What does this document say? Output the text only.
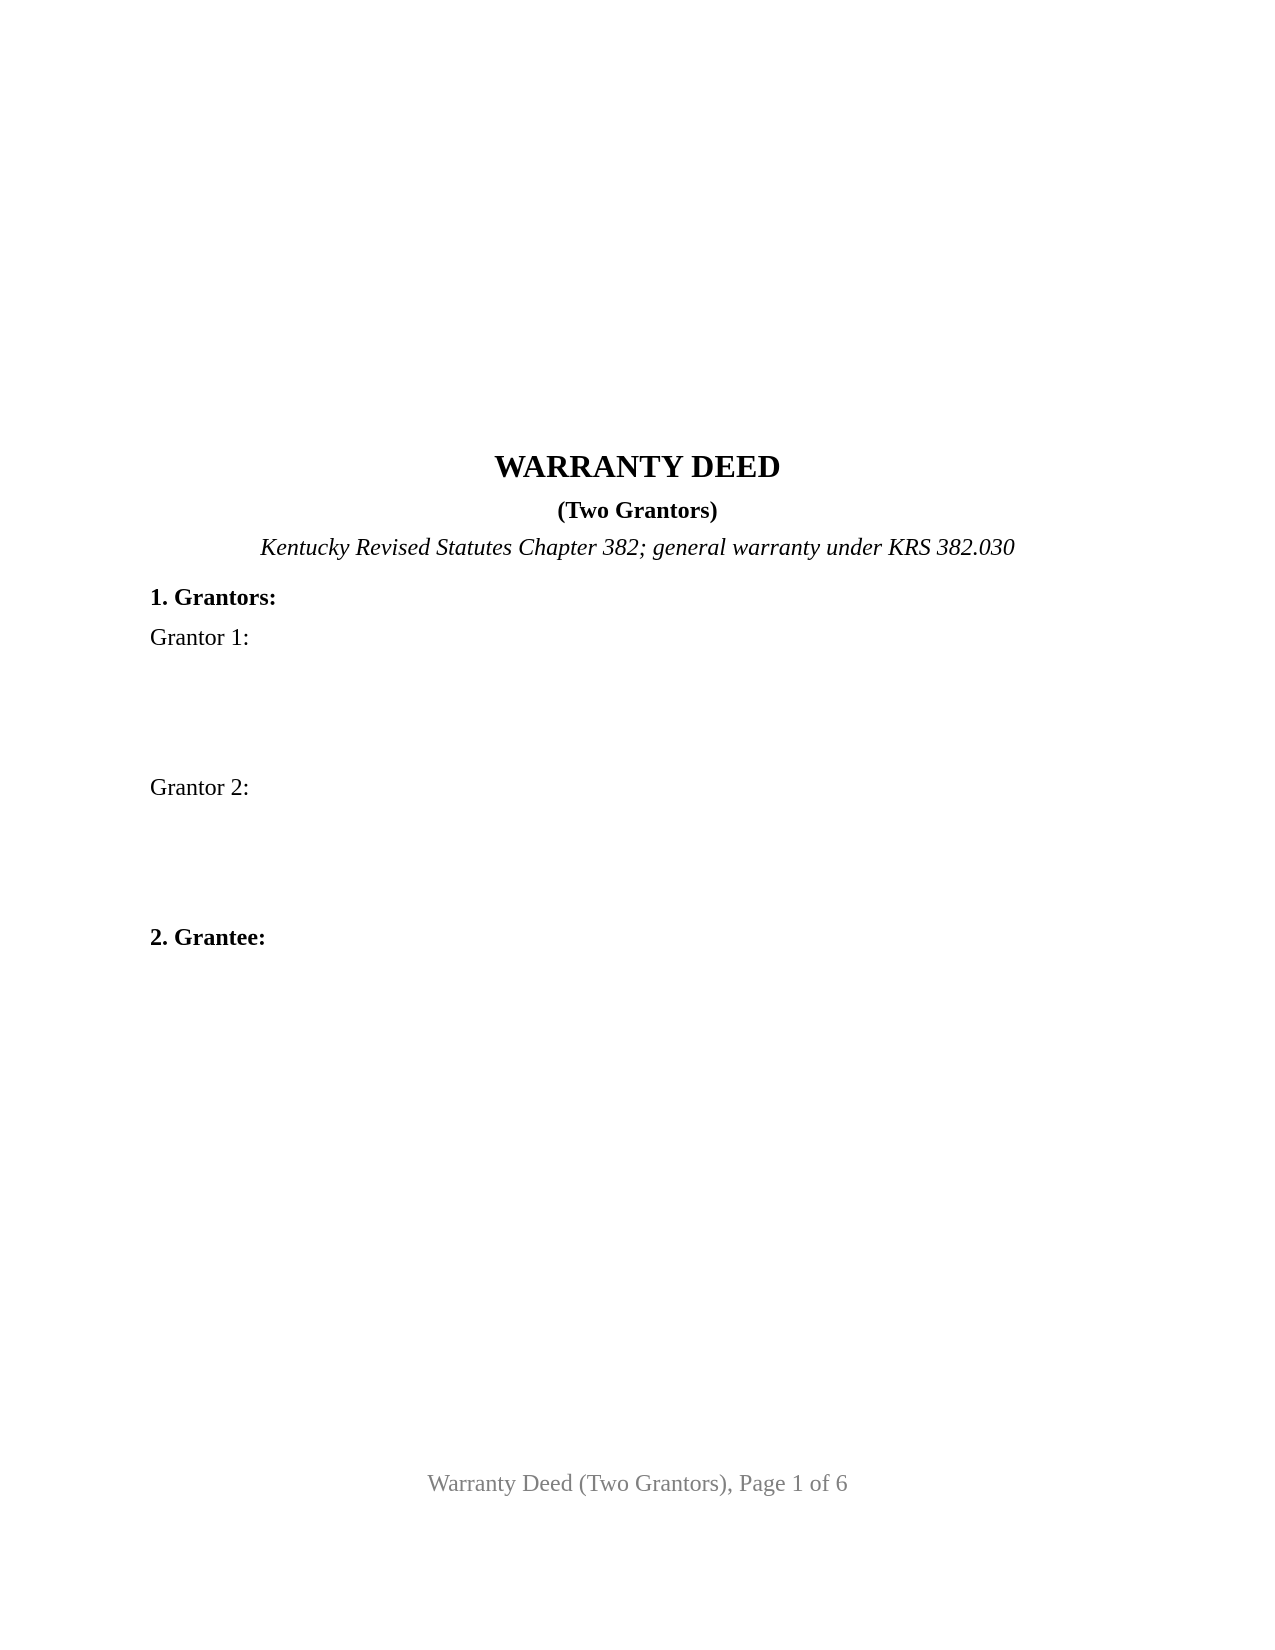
WARRANTY DEED
(Two Grantors)
Kentucky Revised Statutes Chapter 382; general warranty under KRS 382.030
1. Grantors:
Grantor 1:
Grantor 2:
2. Grantee:
Warranty Deed (Two Grantors), Page 1 of 6
